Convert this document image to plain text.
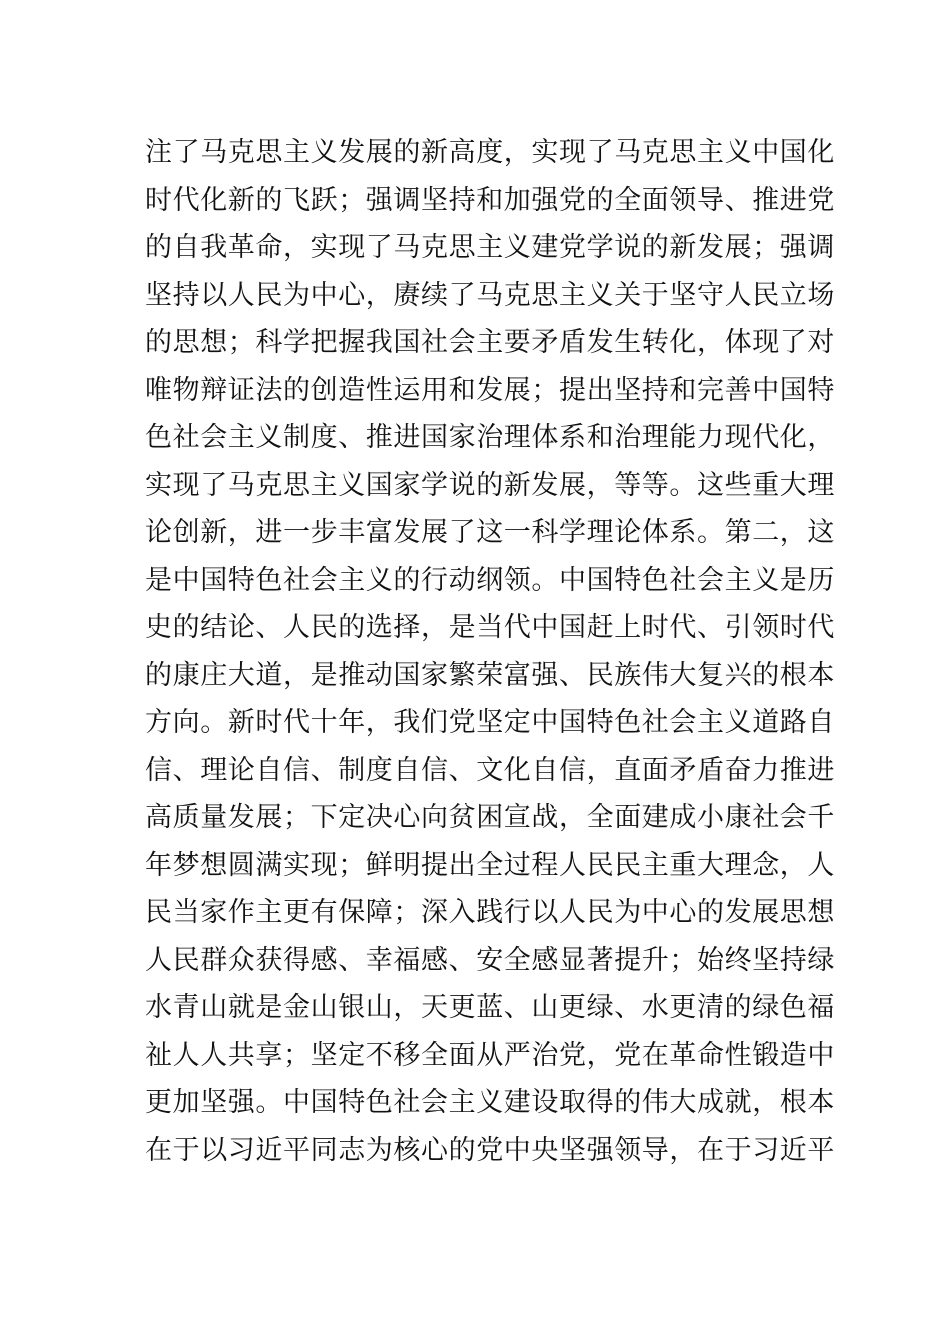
注了马克思主义发展的新高度，实现了马克思主义中国化
时代化新的飞跃；强调坚持和加强党的全面领导、推进党
的自我革命，实现了马克思主义建党学说的新发展；强调
坚持以人民为中心，赓续了马克思主义关于坚守人民立场
的思想；科学把握我国社会主要矛盾发生转化，体现了对
唯物辩证法的创造性运用和发展；提出坚持和完善中国特
色社会主义制度、推进国家治理体系和治理能力现代化，
实现了马克思主义国家学说的新发展，等等。这些重大理
论创新，进一步丰富发展了这一科学理论体系。第二，这
是中国特色社会主义的行动纲领。中国特色社会主义是历
史的结论、人民的选择，是当代中国赶上时代、引领时代
的康庄大道，是推动国家繁荣富强、民族伟大复兴的根本
方向。新时代十年，我们党坚定中国特色社会主义道路自
信、理论自信、制度自信、文化自信，直面矛盾奋力推进
高质量发展；下定决心向贫困宣战，全面建成小康社会千
年梦想圆满实现；鲜明提出全过程人民民主重大理念，人
民当家作主更有保障；深入践行以人民为中心的发展思想
人民群众获得感、幸福感、安全感显著提升；始终坚持绿
水青山就是金山银山，天更蓝、山更绿、水更清的绿色福
祉人人共享；坚定不移全面从严治党，党在革命性锻造中
更加坚强。中国特色社会主义建设取得的伟大成就，根本
在于以习近平同志为核心的党中央坚强领导，在于习近平
